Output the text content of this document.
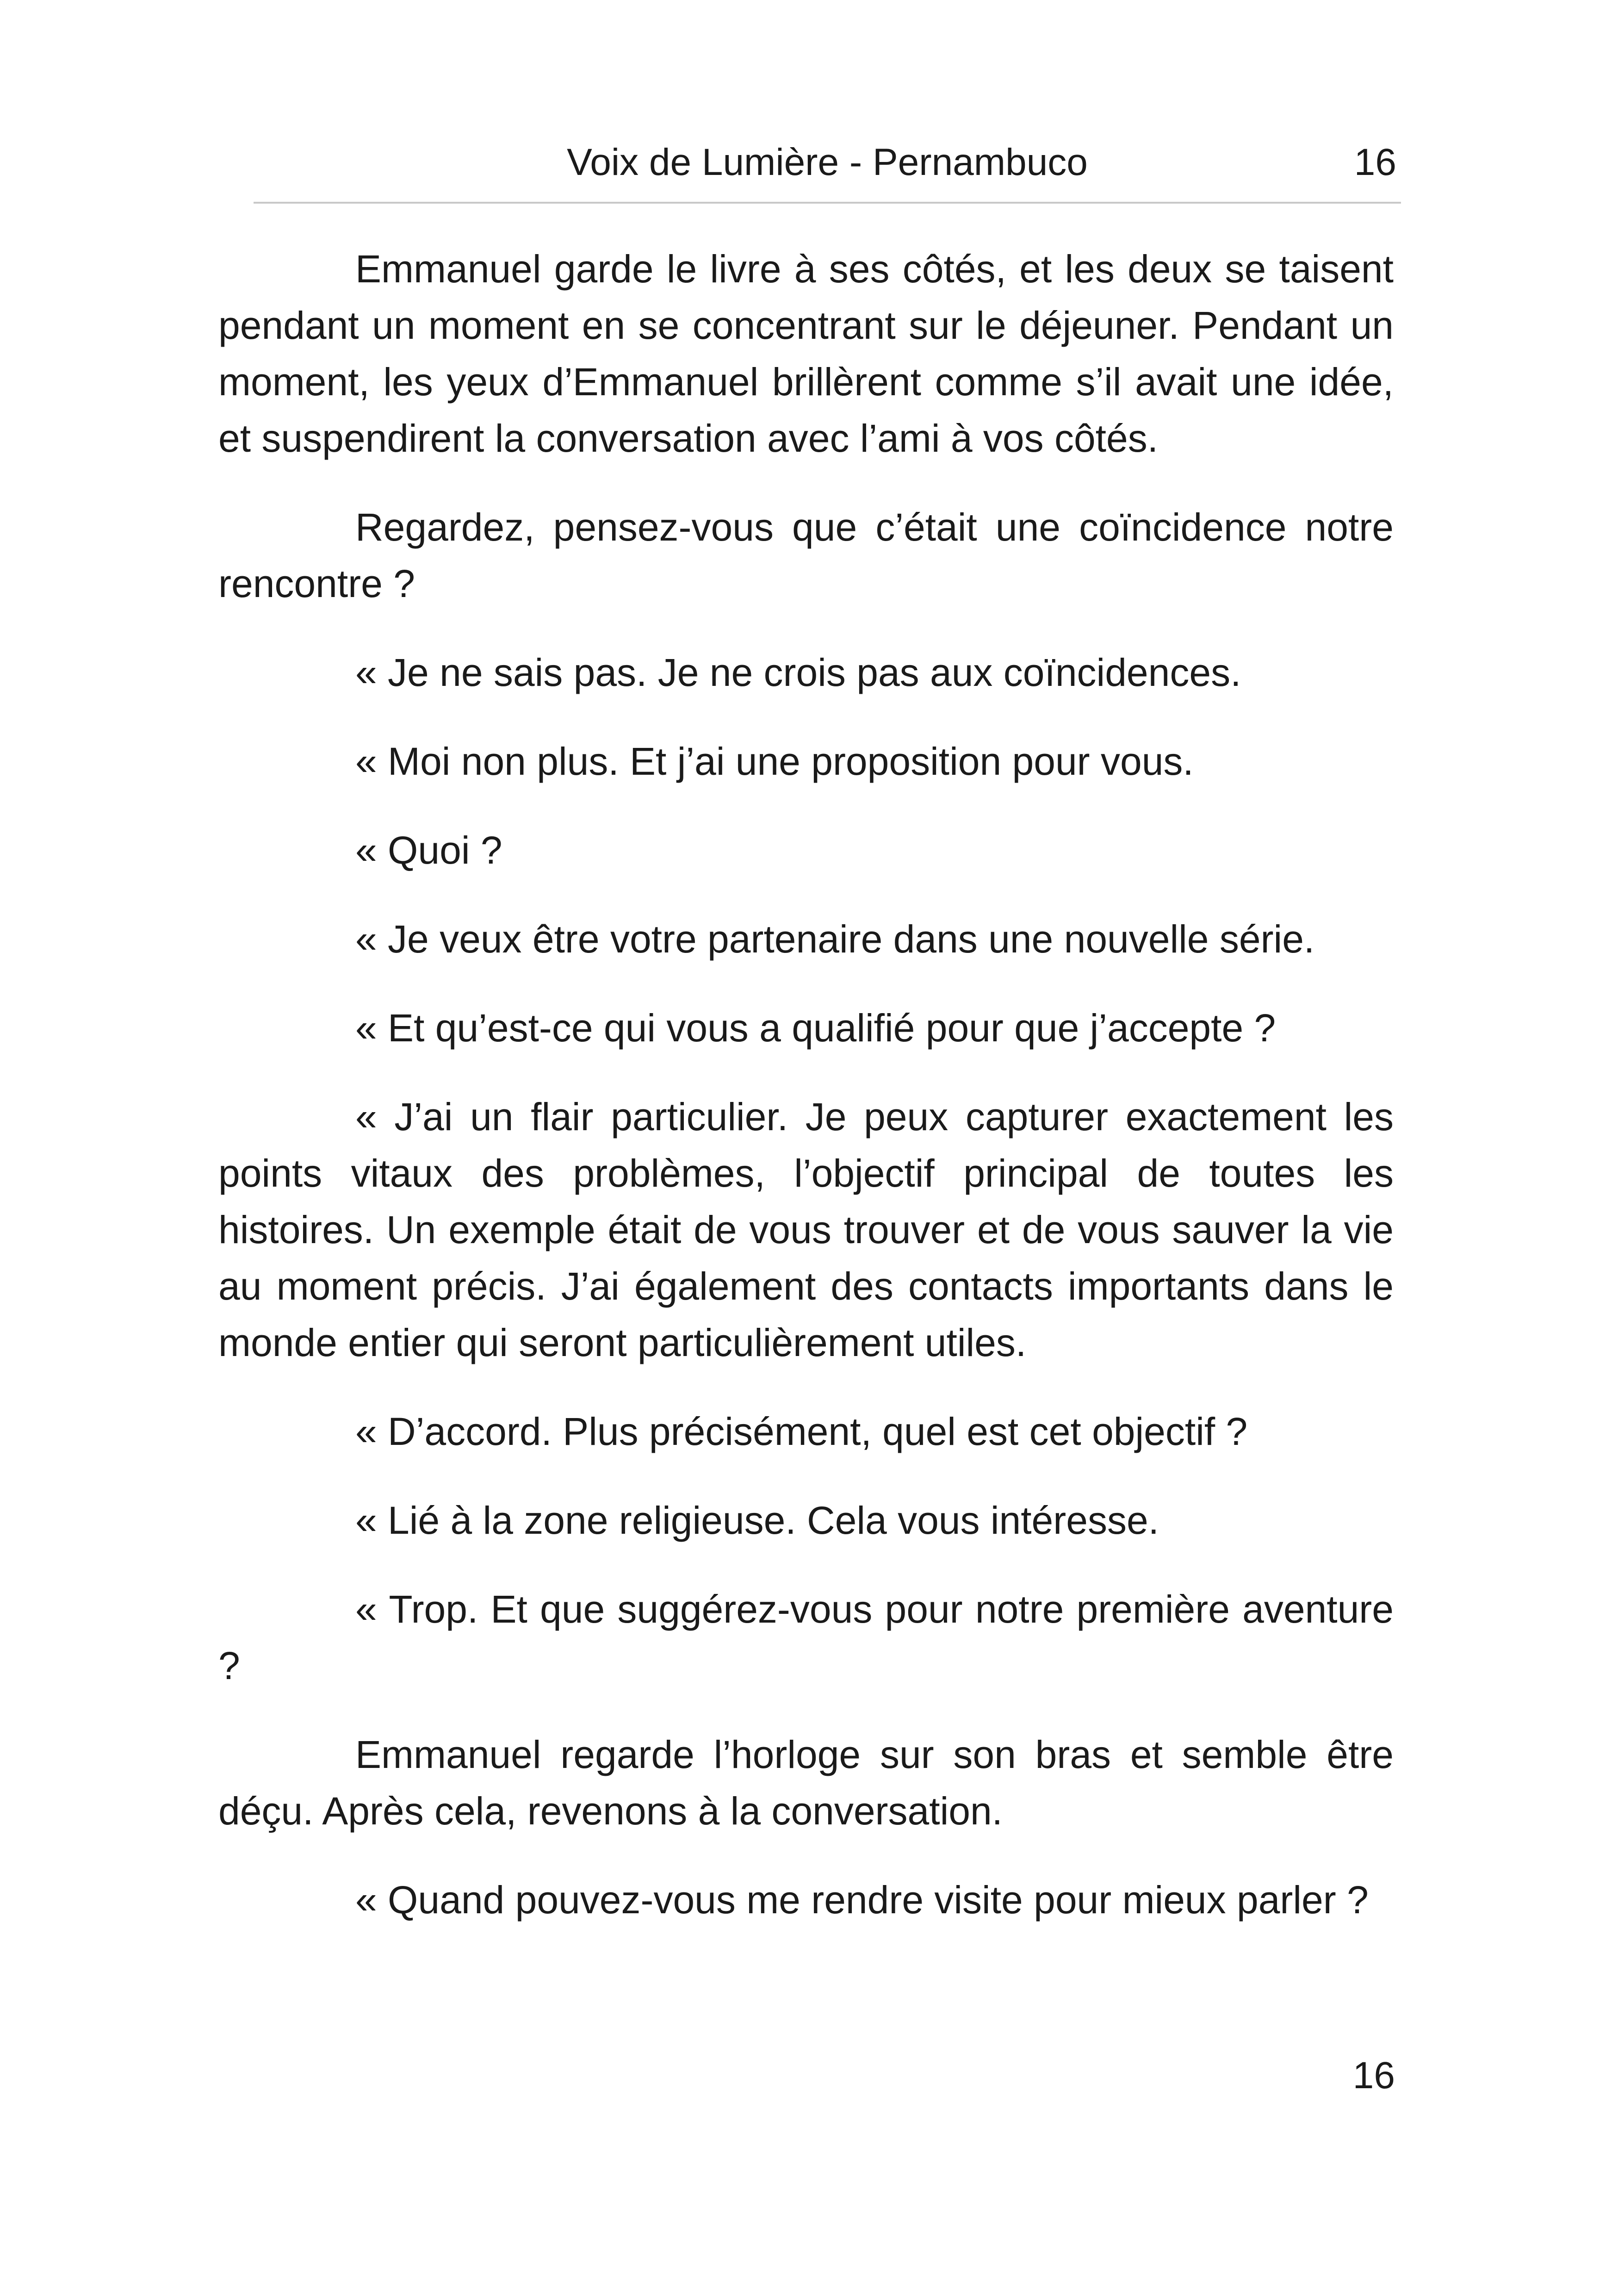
Voix de Lumière - Pernambuco	16

Emmanuel garde le livre à ses côtés, et les deux se taisent pendant un moment en se concentrant sur le déjeuner. Pendant un moment, les yeux d’Emmanuel brillèrent comme s’il avait une idée, et suspendirent la conversation avec l’ami à vos côtés.

Regardez, pensez-vous que c’était une coïncidence notre rencontre ?

« Je ne sais pas. Je ne crois pas aux coïncidences.

« Moi non plus. Et j’ai une proposition pour vous.

« Quoi ?

« Je veux être votre partenaire dans une nouvelle série.

« Et qu’est-ce qui vous a qualifié pour que j’accepte ?

« J’ai un flair particulier. Je peux capturer exactement les points vitaux des problèmes, l’objectif principal de toutes les histoires. Un exemple était de vous trouver et de vous sauver la vie au moment précis. J’ai également des contacts importants dans le monde entier qui seront particulièrement utiles.

« D’accord. Plus précisément, quel est cet objectif ?

« Lié à la zone religieuse. Cela vous intéresse.

« Trop. Et que suggérez-vous pour notre première aventure ?

Emmanuel regarde l’horloge sur son bras et semble être déçu. Après cela, revenons à la conversation.

« Quand pouvez-vous me rendre visite pour mieux parler ?

16
